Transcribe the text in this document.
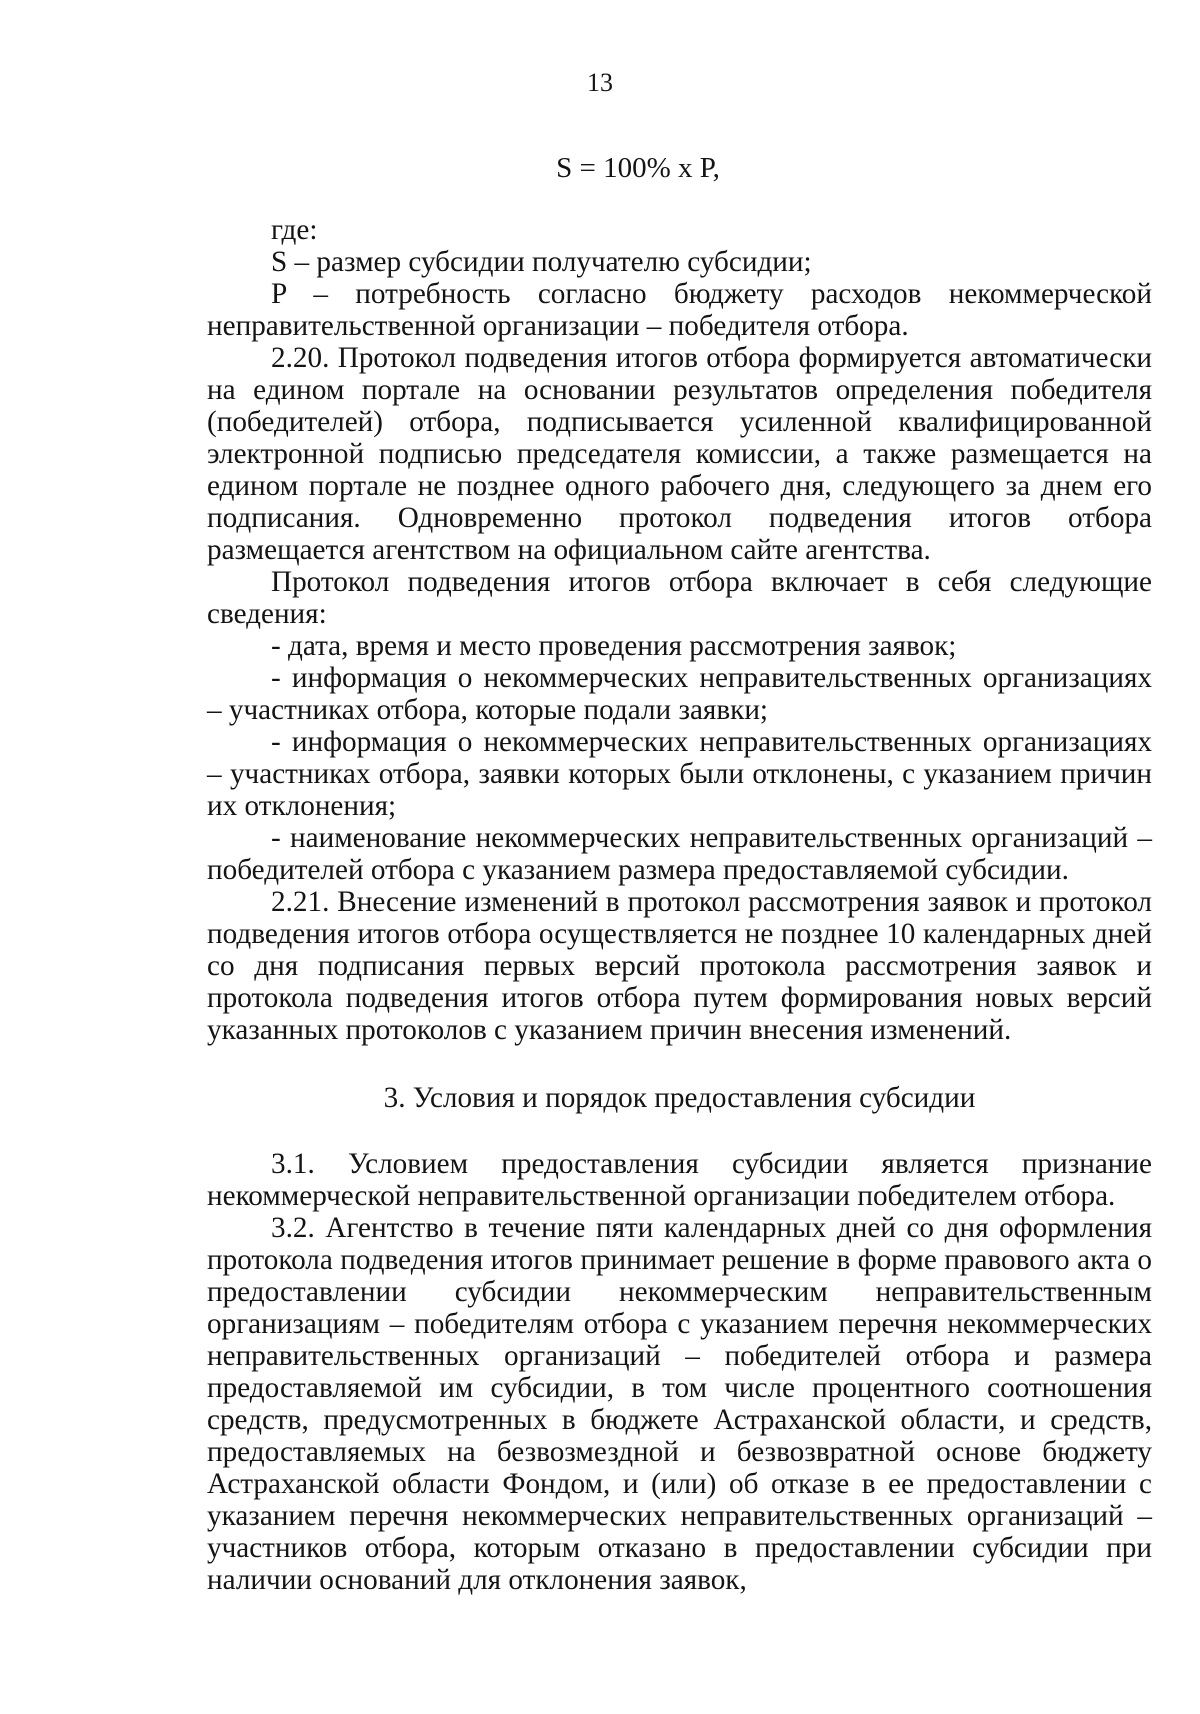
13
S = 100% x P,

где:

S – размер субсидии получателю субсидии;

P – потребность согласно бюджету расходов некоммерческой неправительственной организации – победителя отбора.

2.20. Протокол подведения итогов отбора формируется автоматически на едином портале на основании результатов определения победителя (победителей) отбора, подписывается усиленной квалифицированной электронной подписью председателя комиссии, а также размещается на едином портале не позднее одного рабочего дня, следующего за днем его подписания. Одновременно протокол подведения итогов отбора размещается агентством на официальном сайте агентства.

Протокол подведения итогов отбора включает в себя следующие сведения:

- дата, время и место проведения рассмотрения заявок;

- информация о некоммерческих неправительственных организациях – участниках отбора, которые подали заявки;

- информация о некоммерческих неправительственных организациях – участниках отбора, заявки которых были отклонены, с указанием причин их отклонения;

- наименование некоммерческих неправительственных организаций – победителей отбора с указанием размера предоставляемой субсидии.

2.21. Внесение изменений в протокол рассмотрения заявок и протокол подведения итогов отбора осуществляется не позднее 10 календарных дней со дня подписания первых версий протокола рассмотрения заявок и протокола подведения итогов отбора путем формирования новых версий указанных протоколов с указанием причин внесения изменений.

3. Условия и порядок предоставления субсидии

3.1. Условием предоставления субсидии является признание некоммерческой неправительственной организации победителем отбора.

3.2. Агентство в течение пяти календарных дней со дня оформления протокола подведения итогов принимает решение в форме правового акта о предоставлении субсидии некоммерческим неправительственным организациям – победителям отбора с указанием перечня некоммерческих неправительственных организаций – победителей отбора и размера предоставляемой им субсидии, в том числе процентного соотношения средств, предусмотренных в бюджете Астраханской области, и средств, предоставляемых на безвозмездной и безвозвратной основе бюджету Астраханской области Фондом, и (или) об отказе в ее предоставлении с указанием перечня некоммерческих неправительственных организаций – участников отбора, которым отказано в предоставлении субсидии при наличии оснований для отклонения заявок,
